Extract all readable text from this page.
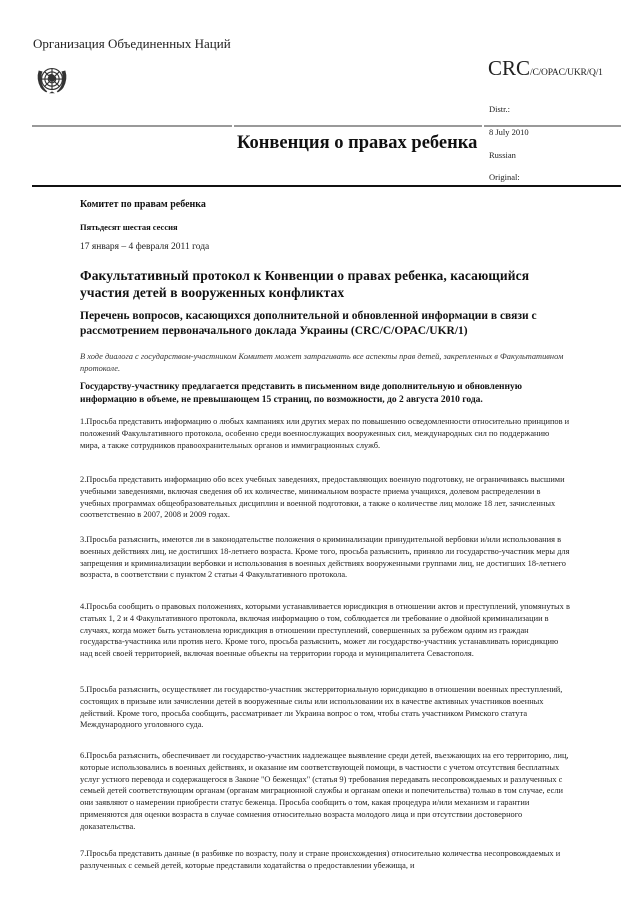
Организация Объединенных Наций
CRC/C/OPAC/UKR/Q/1
Distr.:
8 July 2010
Конвенция о правах ребенка
Russian
Original:
Комитет по правам ребенка
Пятьдесят шестая сессия
17 января – 4 февраля 2011 года
Факультативный протокол к Конвенции о правах ребенка, касающийся участия детей в вооруженных конфликтах
Перечень вопросов, касающихся дополнительной и обновленной информации в связи с рассмотрением первоначального доклада Украины (CRC/C/OPAC/UKR/1)
В ходе диалога с государством-участником Комитет может затрагивать все аспекты прав детей, закрепленных в Факультативном протоколе.
Государству-участнику предлагается представить в письменном виде дополнительную и обновленную информацию в объеме, не превышающем 15 страниц, по возможности, до 2 августа 2010 года.
1.Просьба представить информацию о любых кампаниях или других мерах по повышению осведомленности относительно принципов и положений Факультативного протокола, особенно среди военнослужащих вооруженных сил, международных сил по поддержанию мира, а также сотрудников правоохранительных органов и иммиграционных служб.
2.Просьба представить информацию обо всех учебных заведениях, предоставляющих военную подготовку, не ограничиваясь высшими учебными заведениями, включая сведения об их количестве, минимальном возрасте приема учащихся, долевом распределении в учебных программах общеобразовательных дисциплин и военной подготовки, а также о количестве лиц моложе 18 лет, зачисленных соответственно в 2007, 2008 и 2009 годах.
3.Просьба разъяснить, имеются ли в законодательстве положения о криминализации принудительной вербовки и/или использования в военных действиях лиц, не достигших 18-летнего возраста. Кроме того, просьба разъяснить, приняло ли государство-участник меры для запрещения и криминализации вербовки и использования в военных действиях вооруженными группами лиц, не достигших 18-летнего возраста, в соответствии с пунктом 2 статьи 4 Факультативного протокола.
4.Просьба сообщить о правовых положениях, которыми устанавливается юрисдикция в отношении актов и преступлений, упомянутых в статьях 1, 2 и 4 Факультативного протокола, включая информацию о том, соблюдается ли требование о двойной криминализации в случаях, когда может быть установлена юрисдикция в отношении преступлений, совершенных за рубежом одним из граждан государства-участника или против него. Кроме того, просьба разъяснить, может ли государство-участник устанавливать юрисдикцию над всей своей территорией, включая военные объекты на территории города и муниципалитета Севастополя.
5.Просьба разъяснить, осуществляет ли государство-участник экстерриториальную юрисдикцию в отношении военных преступлений, состоящих в призыве или зачислении детей в вооруженные силы или использовании их в качестве активных участников военных действий. Кроме того, просьба сообщить, рассматривает ли Украина вопрос о том, чтобы стать участником Римского статута Международного уголовного суда.
6.Просьба разъяснить, обеспечивает ли государство-участник надлежащее выявление среди детей, въезжающих на его территорию, лиц, которые использовались в военных действиях, и оказание им соответствующей помощи, в частности с учетом отсутствия бесплатных услуг устного перевода и содержащегося в Законе "О беженцах" (статья 9) требования передавать несопровождаемых и разлученных с семьей детей соответствующим органам (органам миграционной службы и органам опеки и попечительства) только в том случае, если они заявляют о намерении приобрести статус беженца. Просьба сообщить о том, какая процедура и/или механизм и гарантии применяются для оценки возраста в случае сомнения относительно возраста молодого лица и при отсутствии достоверного доказательства.
7.Просьба представить данные (в разбивке по возрасту, полу и стране происхождения) относительно количества несопровождаемых и разлученных с семьей детей, которые представили ходатайства о предоставлении убежища, и
